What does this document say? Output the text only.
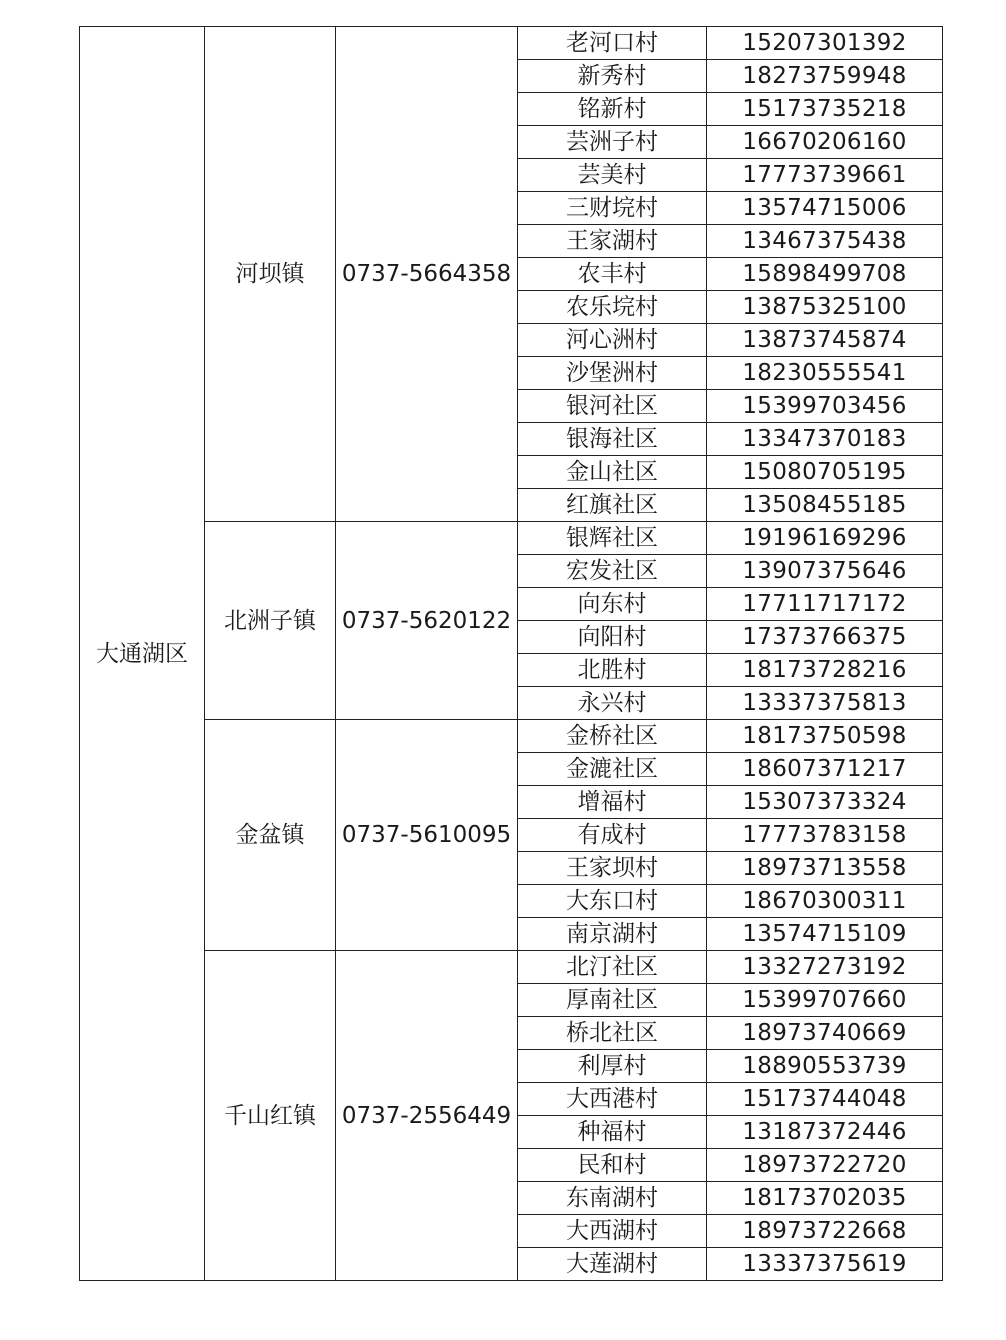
大通湖区	河坝镇	0737-5664358	老河口村	15207301392
			新秀村	18273759948
			铭新村	15173735218
			芸洲子村	16670206160
			芸美村	17773739661
			三财垸村	13574715006
			王家湖村	13467375438
			农丰村	15898499708
			农乐垸村	13875325100
			河心洲村	13873745874
			沙堡洲村	18230555541
			银河社区	15399703456
			银海社区	13347370183
			金山社区	15080705195
			红旗社区	13508455185
	北洲子镇	0737-5620122	银辉社区	19196169296
			宏发社区	13907375646
			向东村	17711717172
			向阳村	17373766375
			北胜村	18173728216
			永兴村	13337375813
	金盆镇	0737-5610095	金桥社区	18173750598
			金漉社区	18607371217
			增福村	15307373324
			有成村	17773783158
			王家坝村	18973713558
			大东口村	18670300311
			南京湖村	13574715109
	千山红镇	0737-2556449	北汀社区	13327273192
			厚南社区	15399707660
			桥北社区	18973740669
			利厚村	18890553739
			大西港村	15173744048
			种福村	13187372446
			民和村	18973722720
			东南湖村	18173702035
			大西湖村	18973722668
			大莲湖村	13337375619
